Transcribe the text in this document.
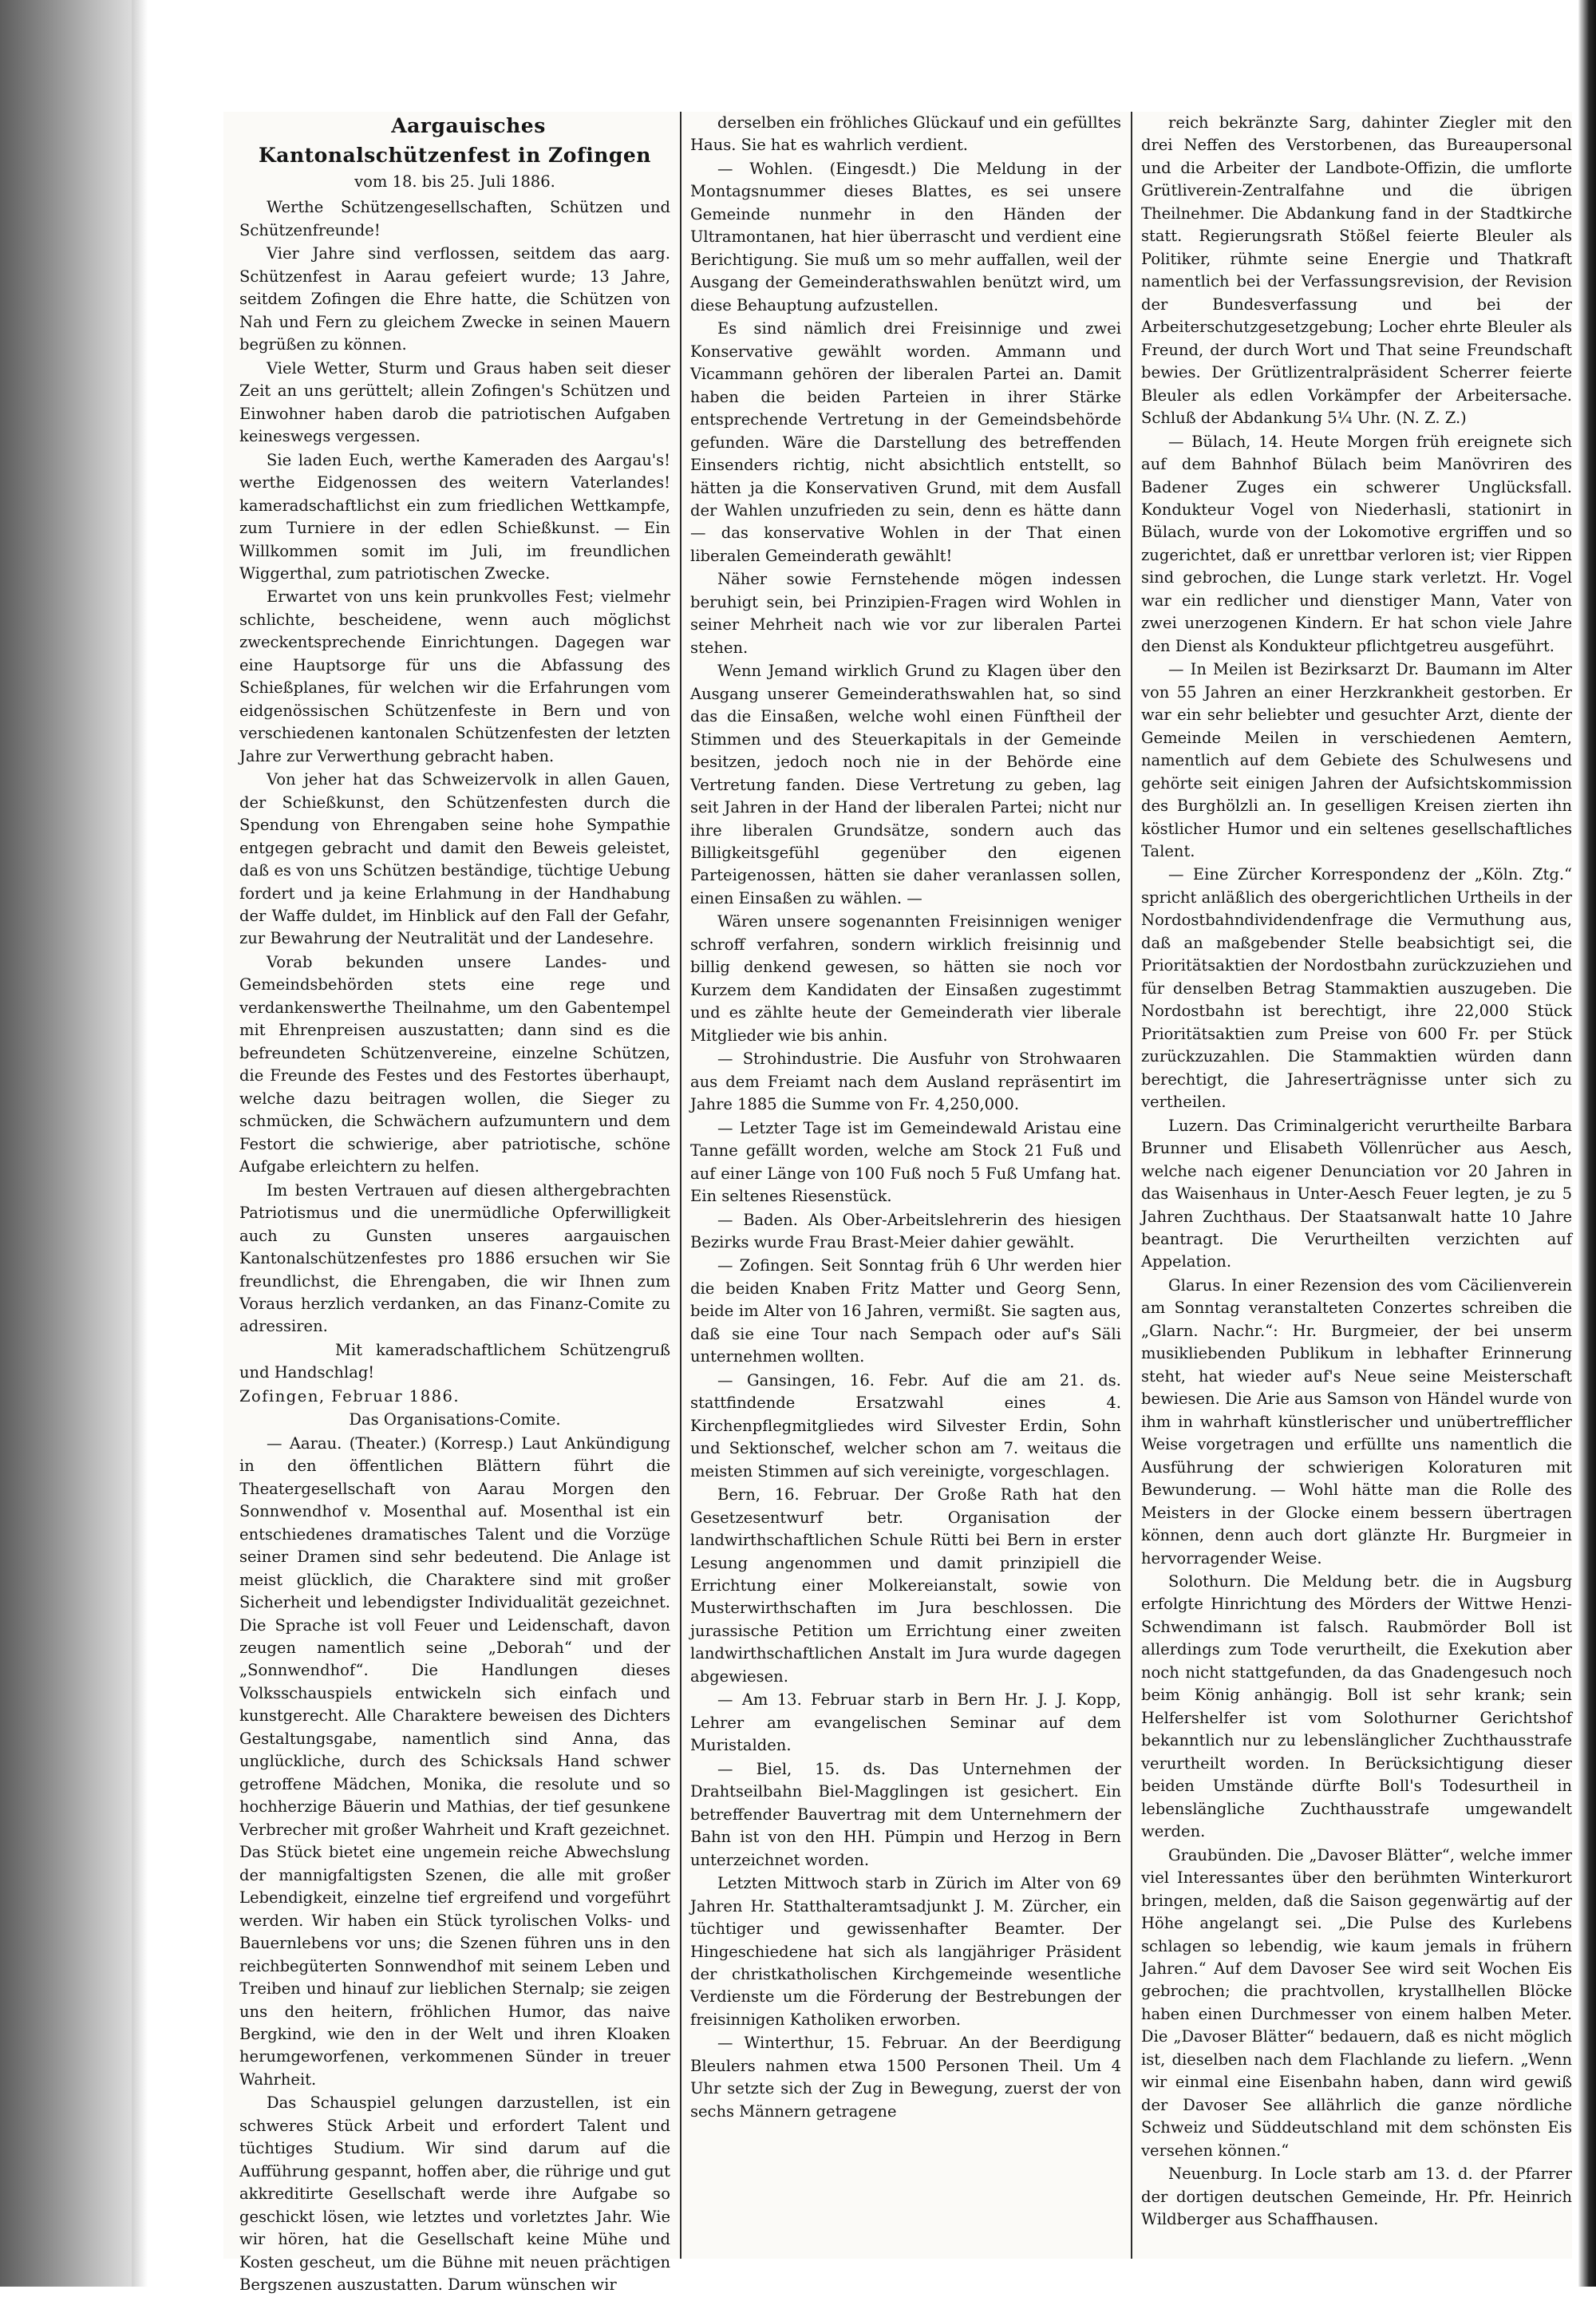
Aargauisches Kantonalschützenfest in Zofingen

vom 18. bis 25. Juli 1886.

Werthe Schützengesellschaften, Schützen und Schützenfreunde!

Vier Jahre sind verflossen, seitdem das aarg. Schützenfest in Aarau gefeiert wurde; 13 Jahre, seitdem Zofingen die Ehre hatte, die Schützen von Nah und Fern zu gleichem Zwecke in seinen Mauern begrüßen zu können.

Viele Wetter, Sturm und Graus haben seit dieser Zeit an uns gerüttelt; allein Zofingen's Schützen und Einwohner haben darob die patriotischen Aufgaben keineswegs vergessen.

Sie laden Euch, werthe Kameraden des Aargau's! werthe Eidgenossen des weitern Vaterlandes! kameradschaftlichst ein zum friedlichen Wettkampfe, zum Turniere in der edlen Schießkunst. — Ein Willkommen somit im Juli, im freundlichen Wiggerthal, zum patriotischen Zwecke.

Erwartet von uns kein prunkvolles Fest; vielmehr schlichte, bescheidene, wenn auch möglichst zweckentsprechende Einrichtungen. Dagegen war eine Hauptsorge für uns die Abfassung des Schießplanes, für welchen wir die Erfahrungen vom eidgenössischen Schützenfeste in Bern und von verschiedenen kantonalen Schützenfesten der letzten Jahre zur Verwerthung gebracht haben.

Von jeher hat das Schweizervolk in allen Gauen, der Schießkunst, den Schützenfesten durch die Spendung von Ehrengaben seine hohe Sympathie entgegen gebracht und damit den Beweis geleistet, daß es von uns Schützen beständige, tüchtige Uebung fordert und ja keine Erlahmung in der Handhabung der Waffe duldet, im Hinblick auf den Fall der Gefahr, zur Bewahrung der Neutralität und der Landesehre.

Vorab bekunden unsere Landes- und Gemeindsbehörden stets eine rege und verdankenswerthe Theilnahme, um den Gabentempel mit Ehrenpreisen auszustatten; dann sind es die befreundeten Schützenvereine, einzelne Schützen, die Freunde des Festes und des Festortes überhaupt, welche dazu beitragen wollen, die Sieger zu schmücken, die Schwächern aufzumuntern und dem Festort die schwierige, aber patriotische, schöne Aufgabe erleichtern zu helfen.

Im besten Vertrauen auf diesen althergebrachten Patriotismus und die unermüdliche Opferwilligkeit auch zu Gunsten unseres aargauischen Kantonalschützenfestes pro 1886 ersuchen wir Sie freundlichst, die Ehrengaben, die wir Ihnen zum Voraus herzlich verdanken, an das Finanz-Comite zu adressiren.

Mit kameradschaftlichem Schützengruß und Handschlag!

Zofingen, Februar 1886.

Das Organisations-Comite.

— Aarau. (Theater.) (Korresp.) Laut Ankündigung in den öffentlichen Blättern führt die Theatergesellschaft von Aarau Morgen den Sonnwendhof v. Mosenthal auf. Mosenthal ist ein entschiedenes dramatisches Talent und die Vorzüge seiner Dramen sind sehr bedeutend. Die Anlage ist meist glücklich, die Charaktere sind mit großer Sicherheit und lebendigster Individualität gezeichnet. Die Sprache ist voll Feuer und Leidenschaft, davon zeugen namentlich seine „Deborah“ und der „Sonnwendhof“. Die Handlungen dieses Volksschauspiels entwickeln sich einfach und kunstgerecht. Alle Charaktere beweisen des Dichters Gestaltungsgabe, namentlich sind Anna, das unglückliche, durch des Schicksals Hand schwer getroffene Mädchen, Monika, die resolute und so hochherzige Bäuerin und Mathias, der tief gesunkene Verbrecher mit großer Wahrheit und Kraft gezeichnet. Das Stück bietet eine ungemein reiche Abwechslung der mannigfaltigsten Szenen, die alle mit großer Lebendigkeit, einzelne tief ergreifend und vorgeführt werden. Wir haben ein Stück tyrolischen Volks- und Bauernlebens vor uns; die Szenen führen uns in den reichbegüterten Sonnwendhof mit seinem Leben und Treiben und hinauf zur lieblichen Sternalp; sie zeigen uns den heitern, fröhlichen Humor, das naive Bergkind, wie den in der Welt und ihren Kloaken herumgeworfenen, verkommenen Sünder in treuer Wahrheit.

Das Schauspiel gelungen darzustellen, ist ein schweres Stück Arbeit und erfordert Talent und tüchtiges Studium. Wir sind darum auf die Aufführung gespannt, hoffen aber, die rührige und gut akkreditirte Gesellschaft werde ihre Aufgabe so geschickt lösen, wie letztes und vorletztes Jahr. Wie wir hören, hat die Gesellschaft keine Mühe und Kosten gescheut, um die Bühne mit neuen prächtigen Bergszenen auszustatten. Darum wünschen wir

derselben ein fröhliches Glückauf und ein gefülltes Haus. Sie hat es wahrlich verdient.

— Wohlen. (Eingesdt.) Die Meldung in der Montagsnummer dieses Blattes, es sei unsere Gemeinde nunmehr in den Händen der Ultramontanen, hat hier überrascht und verdient eine Berichtigung. Sie muß um so mehr auffallen, weil der Ausgang der Gemeinderathswahlen benützt wird, um diese Behauptung aufzustellen.

Es sind nämlich drei Freisinnige und zwei Konservative gewählt worden. Ammann und Vicammann gehören der liberalen Partei an. Damit haben die beiden Parteien in ihrer Stärke entsprechende Vertretung in der Gemeindsbehörde gefunden. Wäre die Darstellung des betreffenden Einsenders richtig, nicht absichtlich entstellt, so hätten ja die Konservativen Grund, mit dem Ausfall der Wahlen unzufrieden zu sein, denn es hätte dann — das konservative Wohlen in der That einen liberalen Gemeinderath gewählt!

Näher sowie Fernstehende mögen indessen beruhigt sein, bei Prinzipien-Fragen wird Wohlen in seiner Mehrheit nach wie vor zur liberalen Partei stehen.

Wenn Jemand wirklich Grund zu Klagen über den Ausgang unserer Gemeinderathswahlen hat, so sind das die Einsaßen, welche wohl einen Fünftheil der Stimmen und des Steuerkapitals in der Gemeinde besitzen, jedoch noch nie in der Behörde eine Vertretung fanden. Diese Vertretung zu geben, lag seit Jahren in der Hand der liberalen Partei; nicht nur ihre liberalen Grundsätze, sondern auch das Billigkeitsgefühl gegenüber den eigenen Parteigenossen, hätten sie daher veranlassen sollen, einen Einsaßen zu wählen. —

Wären unsere sogenannten Freisinnigen weniger schroff verfahren, sondern wirklich freisinnig und billig denkend gewesen, so hätten sie noch vor Kurzem dem Kandidaten der Einsaßen zugestimmt und es zählte heute der Gemeinderath vier liberale Mitglieder wie bis anhin.

— Strohindustrie. Die Ausfuhr von Strohwaaren aus dem Freiamt nach dem Ausland repräsentirt im Jahre 1885 die Summe von Fr. 4,250,000.

— Letzter Tage ist im Gemeindewald Aristau eine Tanne gefällt worden, welche am Stock 21 Fuß und auf einer Länge von 100 Fuß noch 5 Fuß Umfang hat. Ein seltenes Riesenstück.

— Baden. Als Ober-Arbeitslehrerin des hiesigen Bezirks wurde Frau Brast-Meier dahier gewählt.

— Zofingen. Seit Sonntag früh 6 Uhr werden hier die beiden Knaben Fritz Matter und Georg Senn, beide im Alter von 16 Jahren, vermißt. Sie sagten aus, daß sie eine Tour nach Sempach oder auf's Säli unternehmen wollten.

— Gansingen, 16. Febr. Auf die am 21. ds. stattfindende Ersatzwahl eines 4. Kirchenpflegmitgliedes wird Silvester Erdin, Sohn und Sektionschef, welcher schon am 7. weitaus die meisten Stimmen auf sich vereinigte, vorgeschlagen.

Bern, 16. Februar. Der Große Rath hat den Gesetzesentwurf betr. Organisation der landwirthschaftlichen Schule Rütti bei Bern in erster Lesung angenommen und damit prinzipiell die Errichtung einer Molkereianstalt, sowie von Musterwirthschaften im Jura beschlossen. Die jurassische Petition um Errichtung einer zweiten landwirthschaftlichen Anstalt im Jura wurde dagegen abgewiesen.

— Am 13. Februar starb in Bern Hr. J. J. Kopp, Lehrer am evangelischen Seminar auf dem Muristalden.

— Biel, 15. ds. Das Unternehmen der Drahtseilbahn Biel-Magglingen ist gesichert. Ein betreffender Bauvertrag mit dem Unternehmern der Bahn ist von den HH. Pümpin und Herzog in Bern unterzeichnet worden.

Letzten Mittwoch starb in Zürich im Alter von 69 Jahren Hr. Statthalteramtsadjunkt J. M. Zürcher, ein tüchtiger und gewissenhafter Beamter. Der Hingeschiedene hat sich als langjähriger Präsident der christkatholischen Kirchgemeinde wesentliche Verdienste um die Förderung der Bestrebungen der freisinnigen Katholiken erworben.

— Winterthur, 15. Februar. An der Beerdigung Bleulers nahmen etwa 1500 Personen Theil. Um 4 Uhr setzte sich der Zug in Bewegung, zuerst der von sechs Männern getragene

reich bekränzte Sarg, dahinter Ziegler mit den drei Neffen des Verstorbenen, das Bureaupersonal und die Arbeiter der Landbote-Offizin, die umflorte Grütliverein-Zentralfahne und die übrigen Theilnehmer. Die Abdankung fand in der Stadtkirche statt. Regierungsrath Stößel feierte Bleuler als Politiker, rühmte seine Energie und Thatkraft namentlich bei der Verfassungsrevision, der Revision der Bundesverfassung und bei der Arbeiterschutzgesetzgebung; Locher ehrte Bleuler als Freund, der durch Wort und That seine Freundschaft bewies. Der Grütlizentralpräsident Scherrer feierte Bleuler als edlen Vorkämpfer der Arbeitersache. Schluß der Abdankung 5¼ Uhr. (N. Z. Z.)

— Bülach, 14. Heute Morgen früh ereignete sich auf dem Bahnhof Bülach beim Manövriren des Badener Zuges ein schwerer Unglücksfall. Kondukteur Vogel von Niederhasli, stationirt in Bülach, wurde von der Lokomotive ergriffen und so zugerichtet, daß er unrettbar verloren ist; vier Rippen sind gebrochen, die Lunge stark verletzt. Hr. Vogel war ein redlicher und dienstiger Mann, Vater von zwei unerzogenen Kindern. Er hat schon viele Jahre den Dienst als Kondukteur pflichtgetreu ausgeführt.

— In Meilen ist Bezirksarzt Dr. Baumann im Alter von 55 Jahren an einer Herzkrankheit gestorben. Er war ein sehr beliebter und gesuchter Arzt, diente der Gemeinde Meilen in verschiedenen Aemtern, namentlich auf dem Gebiete des Schulwesens und gehörte seit einigen Jahren der Aufsichtskommission des Burghölzli an. In geselligen Kreisen zierten ihn köstlicher Humor und ein seltenes gesellschaftliches Talent.

— Eine Zürcher Korrespondenz der „Köln. Ztg.“ spricht anläßlich des obergerichtlichen Urtheils in der Nordostbahndividendenfrage die Vermuthung aus, daß an maßgebender Stelle beabsichtigt sei, die Prioritätsaktien der Nordostbahn zurückzuziehen und für denselben Betrag Stammaktien auszugeben. Die Nordostbahn ist berechtigt, ihre 22,000 Stück Prioritätsaktien zum Preise von 600 Fr. per Stück zurückzuzahlen. Die Stammaktien würden dann berechtigt, die Jahreserträgnisse unter sich zu vertheilen.

Luzern. Das Criminalgericht verurtheilte Barbara Brunner und Elisabeth Völlenrücher aus Aesch, welche nach eigener Denunciation vor 20 Jahren in das Waisenhaus in Unter-Aesch Feuer legten, je zu 5 Jahren Zuchthaus. Der Staatsanwalt hatte 10 Jahre beantragt. Die Verurtheilten verzichten auf Appelation.

Glarus. In einer Rezension des vom Cäcilienverein am Sonntag veranstalteten Conzertes schreiben die „Glarn. Nachr.“: Hr. Burgmeier, der bei unserm musikliebenden Publikum in lebhafter Erinnerung steht, hat wieder auf's Neue seine Meisterschaft bewiesen. Die Arie aus Samson von Händel wurde von ihm in wahrhaft künstlerischer und unübertrefflicher Weise vorgetragen und erfüllte uns namentlich die Ausführung der schwierigen Koloraturen mit Bewunderung. — Wohl hätte man die Rolle des Meisters in der Glocke einem bessern übertragen können, denn auch dort glänzte Hr. Burgmeier in hervorragender Weise.

Solothurn. Die Meldung betr. die in Augsburg erfolgte Hinrichtung des Mörders der Wittwe Henzi-Schwendimann ist falsch. Raubmörder Boll ist allerdings zum Tode verurtheilt, die Exekution aber noch nicht stattgefunden, da das Gnadengesuch noch beim König anhängig. Boll ist sehr krank; sein Helfershelfer ist vom Solothurner Gerichtshof bekanntlich nur zu lebenslänglicher Zuchthausstrafe verurtheilt worden. In Berücksichtigung dieser beiden Umstände dürfte Boll's Todesurtheil in lebenslängliche Zuchthausstrafe umgewandelt werden.

Graubünden. Die „Davoser Blätter“, welche immer viel Interessantes über den berühmten Winterkurort bringen, melden, daß die Saison gegenwärtig auf der Höhe angelangt sei. „Die Pulse des Kurlebens schlagen so lebendig, wie kaum jemals in frühern Jahren.“ Auf dem Davoser See wird seit Wochen Eis gebrochen; die prachtvollen, krystallhellen Blöcke haben einen Durchmesser von einem halben Meter. Die „Davoser Blätter“ bedauern, daß es nicht möglich ist, dieselben nach dem Flachlande zu liefern. „Wenn wir einmal eine Eisenbahn haben, dann wird gewiß der Davoser See allährlich die ganze nördliche Schweiz und Süddeutschland mit dem schönsten Eis versehen können.“

Neuenburg. In Locle starb am 13. d. der Pfarrer der dortigen deutschen Gemeinde, Hr. Pfr. Heinrich Wildberger aus Schaffhausen.
